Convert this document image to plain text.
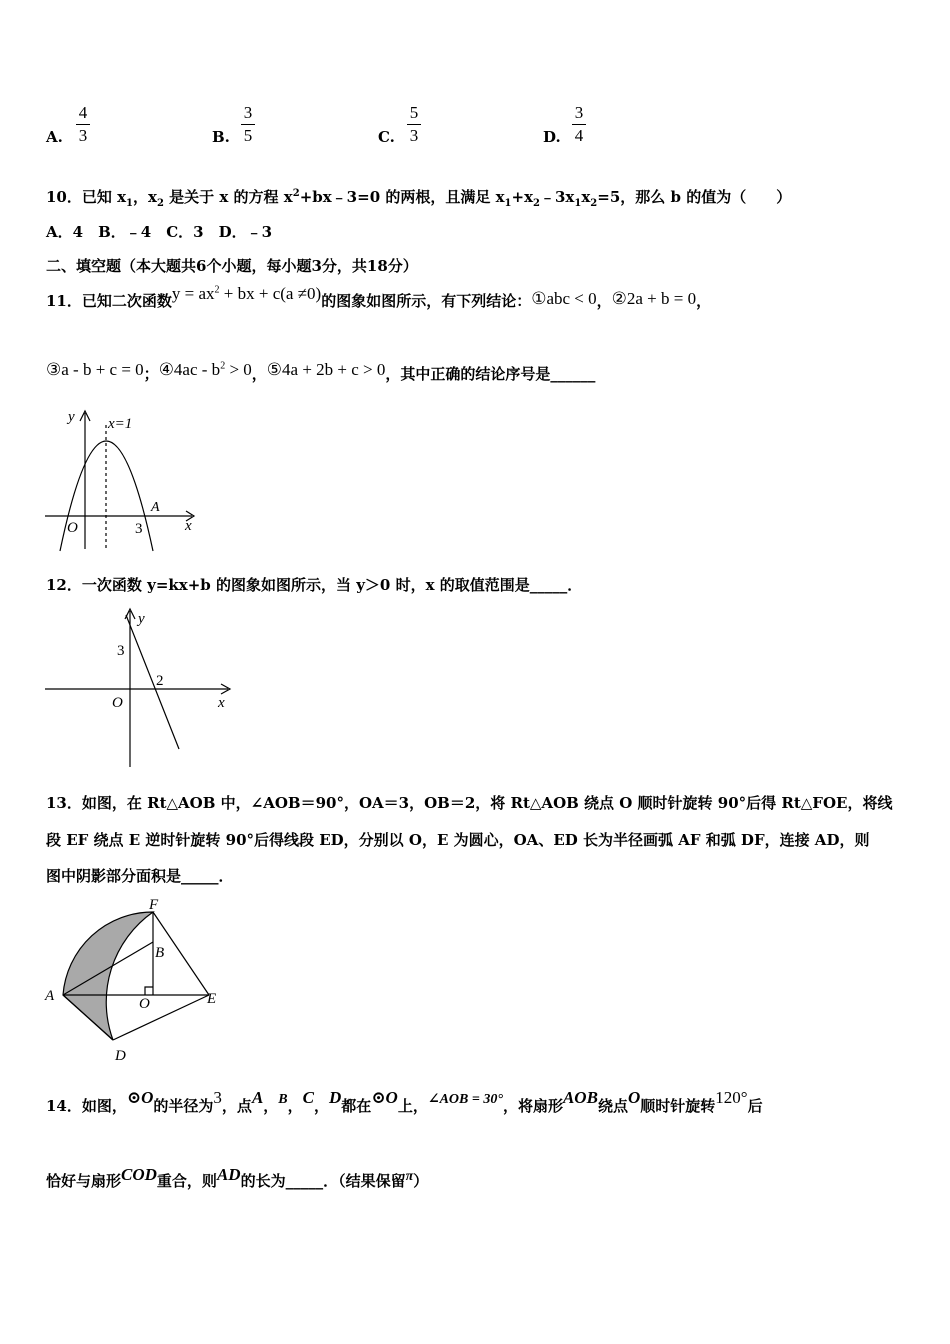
A.
4
3	B.
3
5	C.
5
3	D.
3
4
10．已知 $x_1$，$x_2$ 是关于 x 的方程 $x^2+bx﹣3=0$ 的两根，且满足 $x_1+x_2﹣3x_1x_2=5$，那么 b 的值为（　　）
A．4　B．﹣4　C．3　D．﹣3
二、填空题（本大题共6个小题，每小题3分，共18分）
11．已知二次函数$y = ax^2$ + bx + c(a ≠0)的图象如图所示，有下列结论：①abc < 0，②2a + b = 0，
③a - b + c = 0；④4ac - $b^2 > 0$，⑤4a + 2b + c > 0，其中正确的结论序号是______
y
x
O
A
3
x=1
12．一次函数 y=kx+b 的图象如图所示，当 y＞0 时，x 的取值范围是_____．
y
x
O
3
2
13．如图，在 Rt△AOB 中，∠AOB＝90°，OA＝3，OB＝2，将 Rt△AOB 绕点 O 顺时针旋转 90°后得 Rt△FOE，将线
段 EF 绕点 E 逆时针旋转 90°后得线段 ED，分别以 O，E 为圆心，OA、ED 长为半径画弧 AF 和弧 DF，连接 AD，则
图中阴影部分面积是_____．
F
B
A	O	E
D
14．如图，⊙O的半径为3，点A，B，C，D都在⊙O上，∠AOB = 30°，将扇形AOB绕点O顺时针旋转120°后
恰好与扇形COD重合，则AD的长为_____．（结果保留π）
